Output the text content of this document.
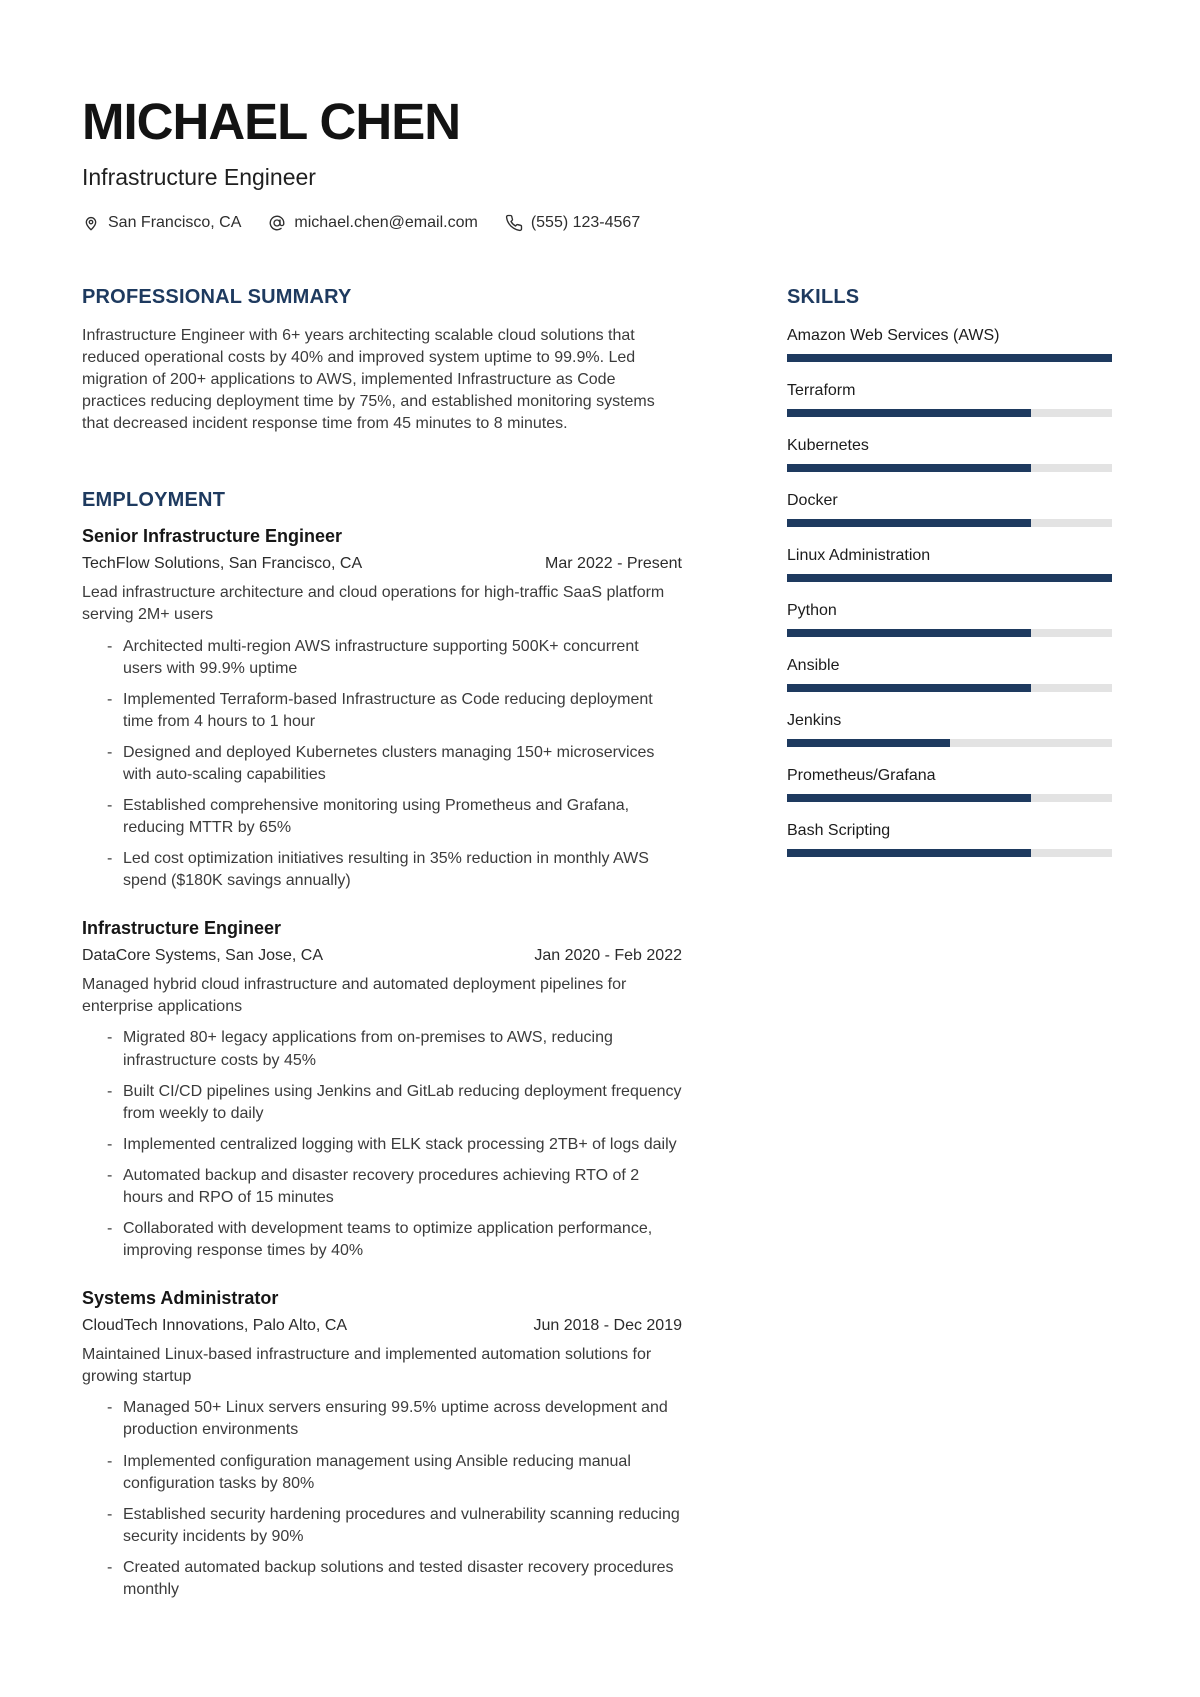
MICHAEL CHEN
Infrastructure Engineer
San Francisco, CA	michael.chen@email.com	(555) 123-4567
PROFESSIONAL SUMMARY

Infrastructure Engineer with 6+ years architecting scalable cloud solutions that reduced operational costs by 40% and improved system uptime to 99.9%. Led migration of 200+ applications to AWS, implemented Infrastructure as Code practices reducing deployment time by 75%, and established monitoring systems that decreased incident response time from 45 minutes to 8 minutes.

EMPLOYMENT
Senior Infrastructure Engineer
TechFlow Solutions, San Francisco, CA	Mar 2022 - Present
Lead infrastructure architecture and cloud operations for high-traffic SaaS platform serving 2M+ users
- Architected multi-region AWS infrastructure supporting 500K+ concurrent users with 99.9% uptime
- Implemented Terraform-based Infrastructure as Code reducing deployment time from 4 hours to 1 hour
- Designed and deployed Kubernetes clusters managing 150+ microservices with auto-scaling capabilities
- Established comprehensive monitoring using Prometheus and Grafana, reducing MTTR by 65%
- Led cost optimization initiatives resulting in 35% reduction in monthly AWS spend ($180K savings annually)
Infrastructure Engineer
DataCore Systems, San Jose, CA	Jan 2020 - Feb 2022
Managed hybrid cloud infrastructure and automated deployment pipelines for enterprise applications
- Migrated 80+ legacy applications from on-premises to AWS, reducing infrastructure costs by 45%
- Built CI/CD pipelines using Jenkins and GitLab reducing deployment frequency from weekly to daily
- Implemented centralized logging with ELK stack processing 2TB+ of logs daily
- Automated backup and disaster recovery procedures achieving RTO of 2 hours and RPO of 15 minutes
- Collaborated with development teams to optimize application performance, improving response times by 40%
Systems Administrator
CloudTech Innovations, Palo Alto, CA	Jun 2018 - Dec 2019
Maintained Linux-based infrastructure and implemented automation solutions for growing startup
- Managed 50+ Linux servers ensuring 99.5% uptime across development and production environments
- Implemented configuration management using Ansible reducing manual configuration tasks by 80%
- Established security hardening procedures and vulnerability scanning reducing security incidents by 90%
- Created automated backup solutions and tested disaster recovery procedures monthly
SKILLS
Amazon Web Services (AWS)
Terraform
Kubernetes
Docker
Linux Administration
Python
Ansible
Jenkins
Prometheus/Grafana
Bash Scripting
